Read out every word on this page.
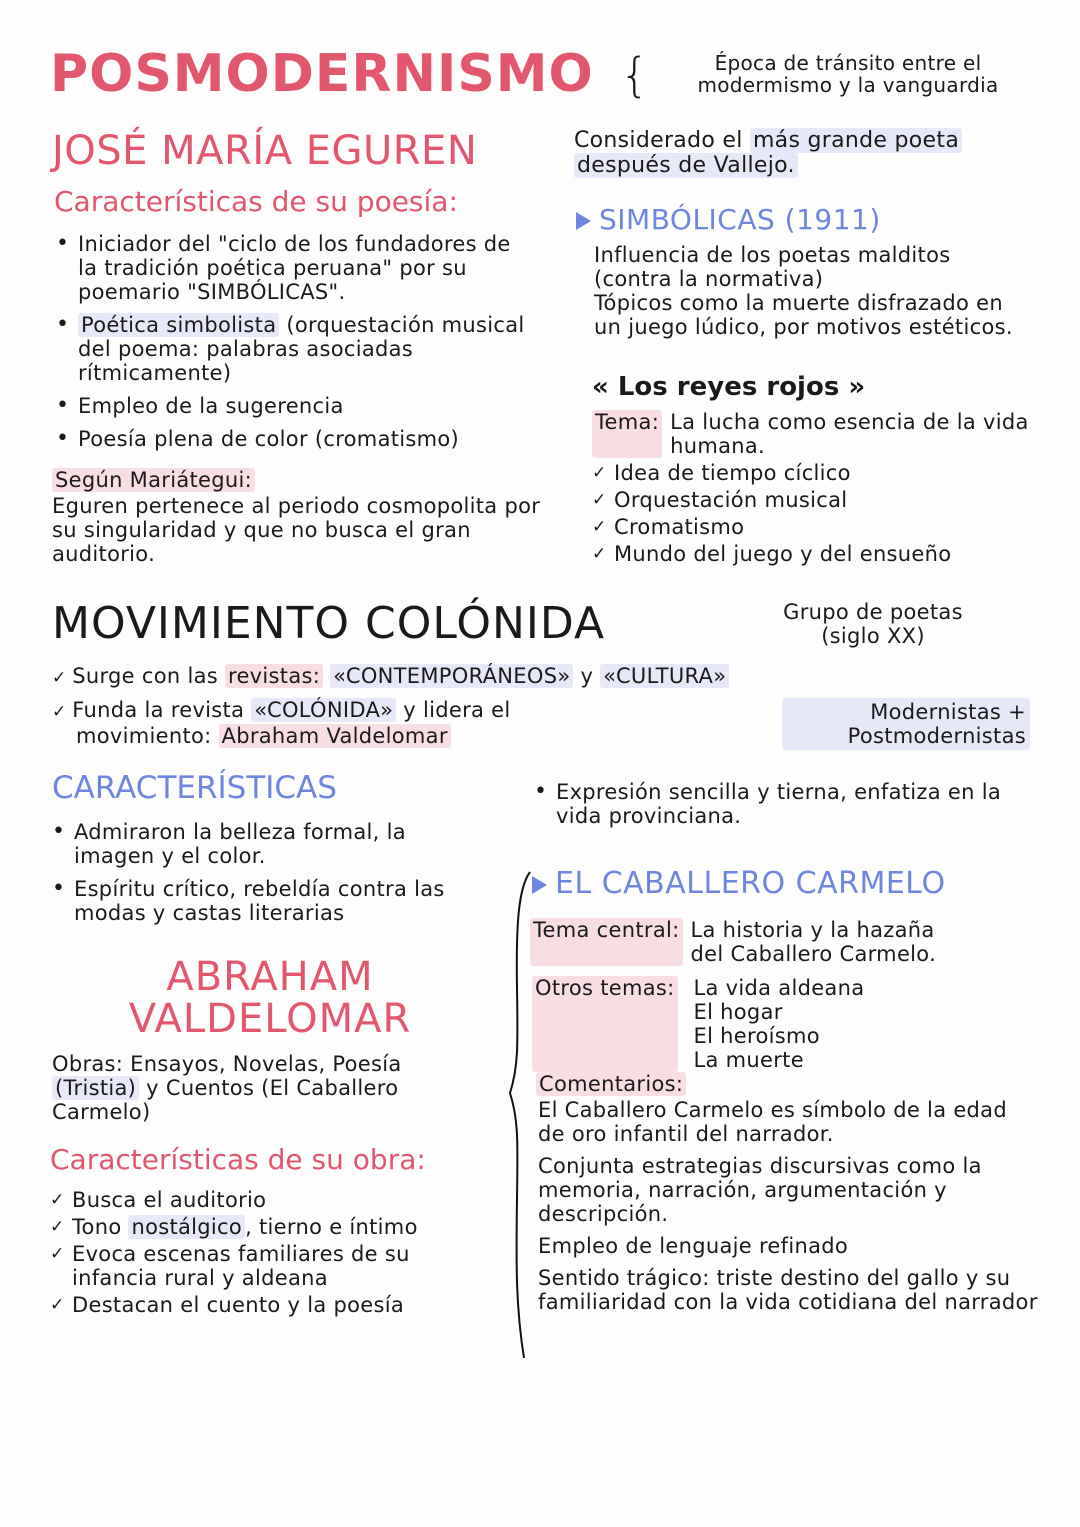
POSMODERNISMO {	Época de tránsito entre el
modermismo y la vanguardia
JOSÉ MARÍA EGUREN	Considerado el más grande poeta
después de Vallejo.
Características de su poesía:
• Iniciador del "ciclo de los fundadores de la tradición poética peruana" por su poemario "SIMBÓLICAS".
• Poética simbolista (orquestación musical del poema: palabras asociadas rítmicamente)
• Empleo de la sugerencia
• Poesía plena de color (cromatismo)
Según Mariátegui:
Eguren pertenece al periodo cosmopolita por su singularidad y que no busca el gran auditorio.
SIMBÓLICAS (1911)
Influencia de los poetas malditos (contra la normativa)
Tópicos como la muerte disfrazado en un juego lúdico, por motivos estéticos.
« Los reyes rojos »
Tema: La lucha como esencia de la vida humana.
✓ Idea de tiempo cíclico
✓ Orquestación musical
✓ Cromatismo
✓ Mundo del juego y del ensueño
MOVIMIENTO COLÓNIDA	Grupo de poetas
(siglo XX)
✓ Surge con las revistas: «CONTEMPORÁNEOS» y «CULTURA»
✓ Funda la revista «COLÓNIDA» y lidera el
movimiento: Abraham Valdelomar
Modernistas +
Postmodernistas
CARACTERÍSTICAS
• Admiraron la belleza formal, la imagen y el color.
• Espíritu crítico, rebeldía contra las modas y castas literarias
• Expresión sencilla y tierna, enfatiza en la vida provinciana.
ABRAHAM
VALDELOMAR
Obras: Ensayos, Novelas, Poesía
(Tristia) y Cuentos (El Caballero Carmelo)
Características de su obra:
✓ Busca el auditorio
✓ Tono nostálgico , tierno e íntimo
✓ Evoca escenas familiares de su infancia rural y aldeana
✓ Destacan el cuento y la poesía
EL CABALLERO CARMELO
Tema central: La historia y la hazaña
del Caballero Carmelo.
Otros temas: La vida aldeana
El hogar
El heroísmo
La muerte
Comentarios:
El Caballero Carmelo es símbolo de la edad de oro infantil del narrador.
Conjunta estrategias discursivas como la memoria, narración, argumentación y descripción.
Empleo de lenguaje refinado
Sentido trágico: triste destino del gallo y su familiaridad con la vida cotidiana del narrador
